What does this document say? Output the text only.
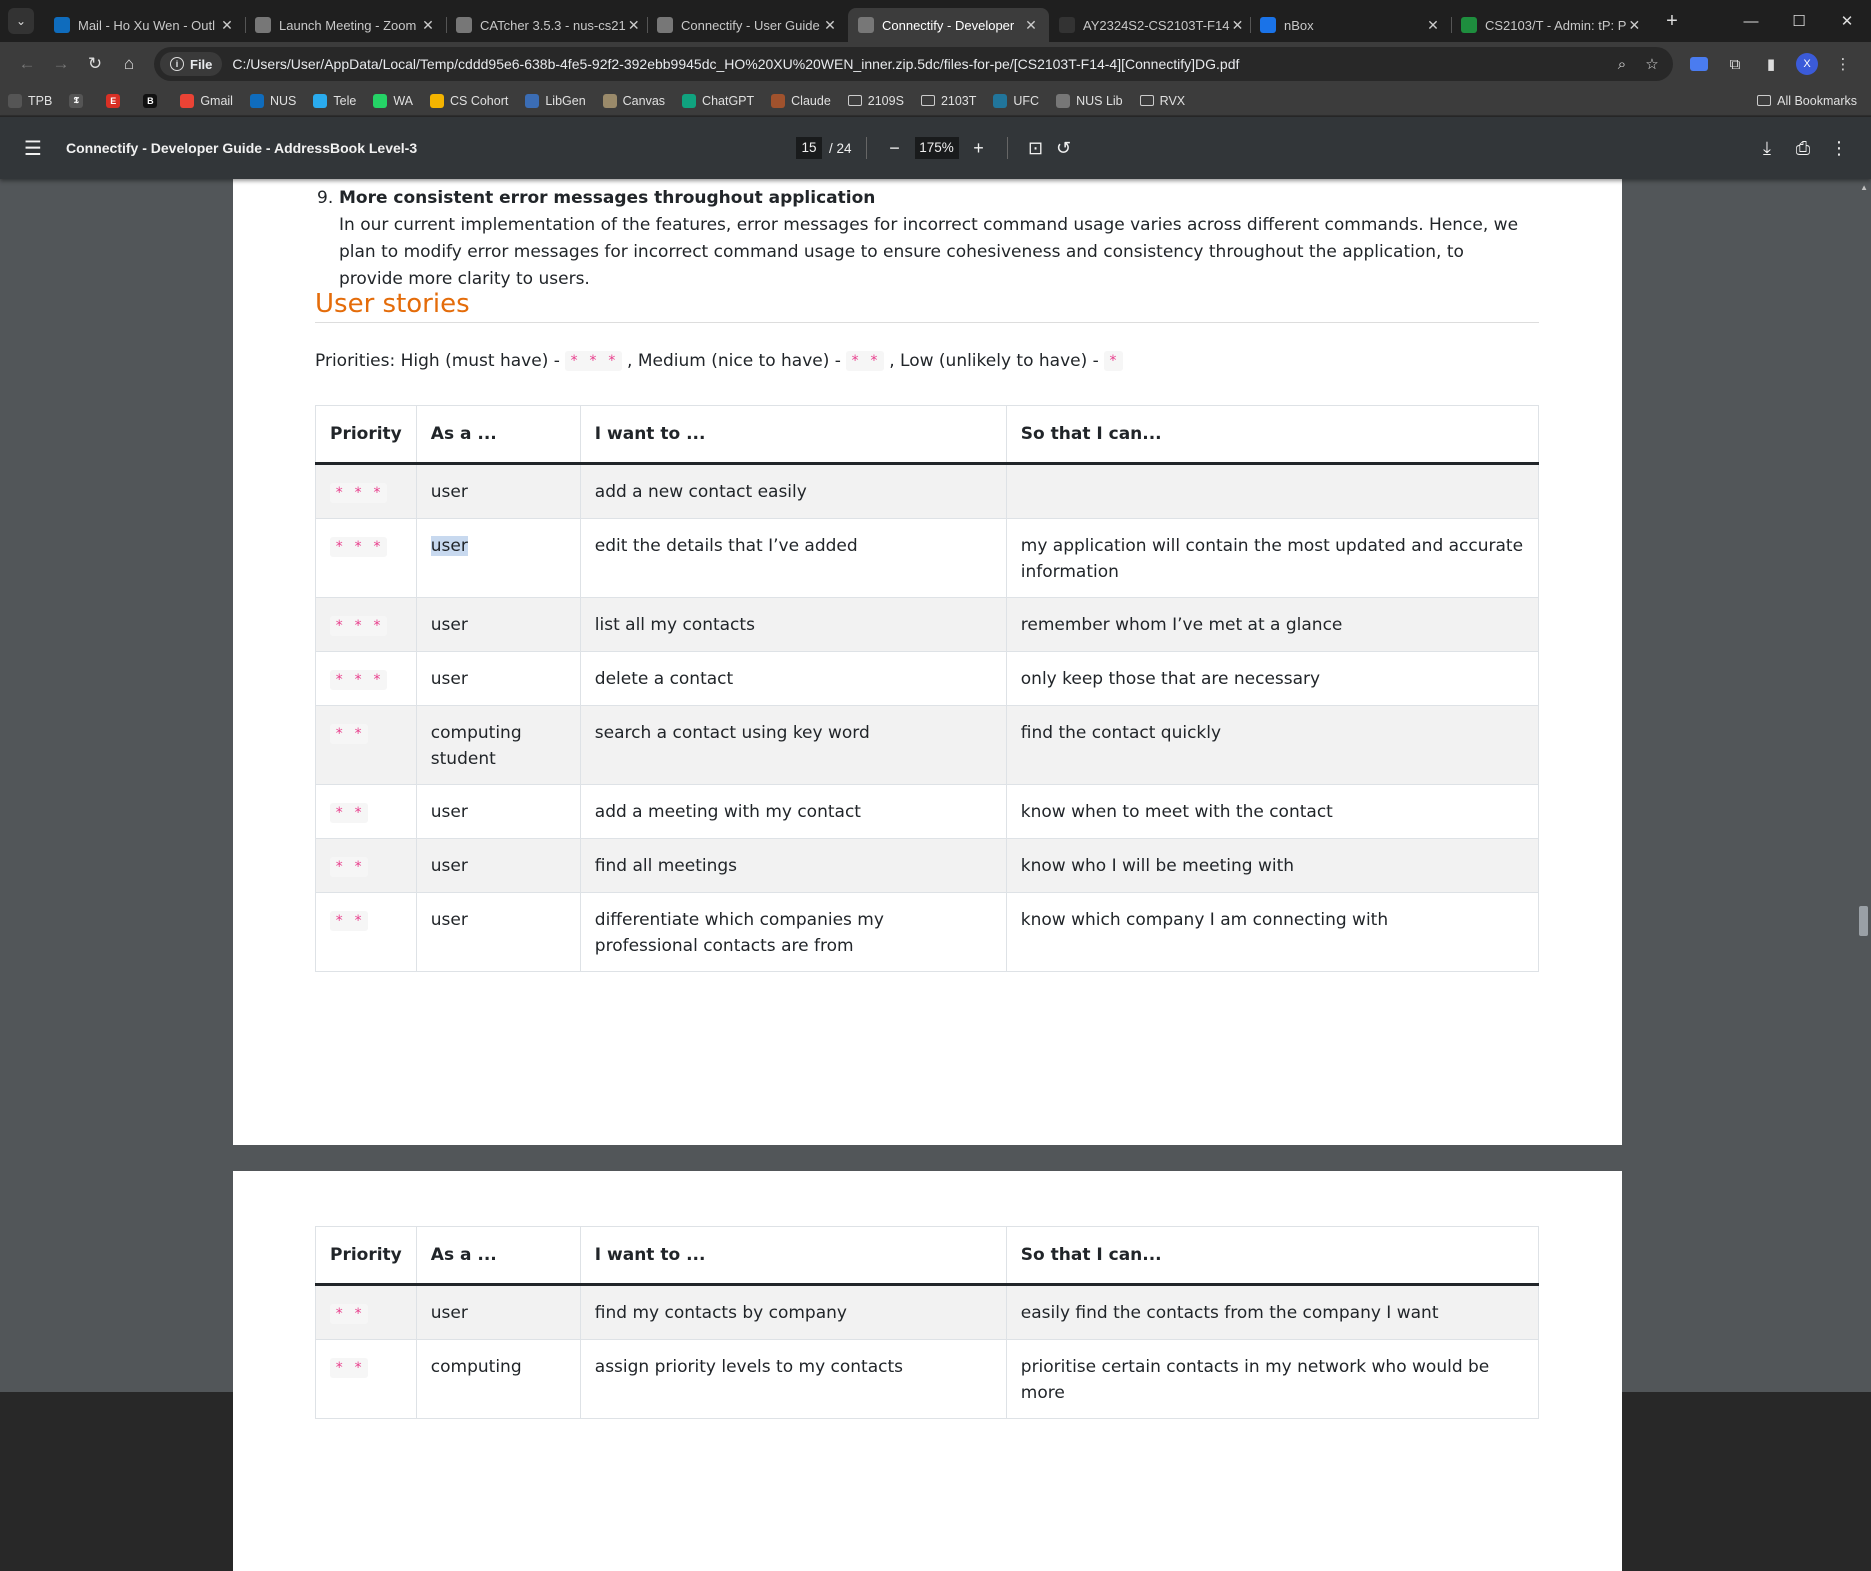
⌄	Mail - Ho Xu Wen - Outl ✕	Launch Meeting - Zoom ✕	CATcher 3.5.3 - nus-cs21 ✕	Connectify - User Guide ✕	Connectify - Developer ✕	AY2324S2-CS2103T-F14 ✕	nBox	✕	CS2103/T - Admin: tP: P ✕ +	— ☐ ✕
← → ↻ ⌂	i File C:/Users/User/AppData/Local/Temp/cddd95e6-638b-4fe5-92f2-392ebb9945dc_HO%20XU%20WEN_inner.zip.5dc/files-for-pe/[CS2103T-F14-4][Connectify]DG.pdf	⌕	☆	⧉ ▮	X	⋮
TPB	𝕿	E	B	Gmail	NUS	Tele	WA	CS Cohort	LibGen	Canvas	ChatGPT	Claude	2109S	2103T	UFC	NUS Lib	RVX	All Bookmarks
☰ Connectify - Developer Guide - AddressBook Level-3	15 / 24	−	175%	+	⊡ ↺	⤓	⎙	⋮
9. More consistent error messages throughout application
In our current implementation of the features, error messages for incorrect command usage varies across different commands. Hence, we plan to modify error messages for incorrect command usage to ensure cohesiveness and consistency throughout the application, to provide more clarity to users.
User stories
Priorities: High (must have) - * * * , Medium (nice to have) - * * , Low (unlikely to have) - *
Priority	As a ...	I want to ...	So that I can...
* * *	user	add a new contact easily	
* * *	user	edit the details that I’ve added	my application will contain the most updated and accurate information
* * *	user	list all my contacts	remember whom I’ve met at a glance
* * *	user	delete a contact	only keep those that are necessary
* *	computing student	search a contact using key word	find the contact quickly
* *	user	add a meeting with my contact	know when to meet with the contact
* *	user	find all meetings	know who I will be meeting with
* *	user	differentiate which companies my professional contacts are from	know which company I am connecting with
Priority	As a ...	I want to ...	So that I can...
* *	user	find my contacts by company	easily find the contacts from the company I want
* *	computing	assign priority levels to my contacts	prioritise certain contacts in my network who would be more
▲
